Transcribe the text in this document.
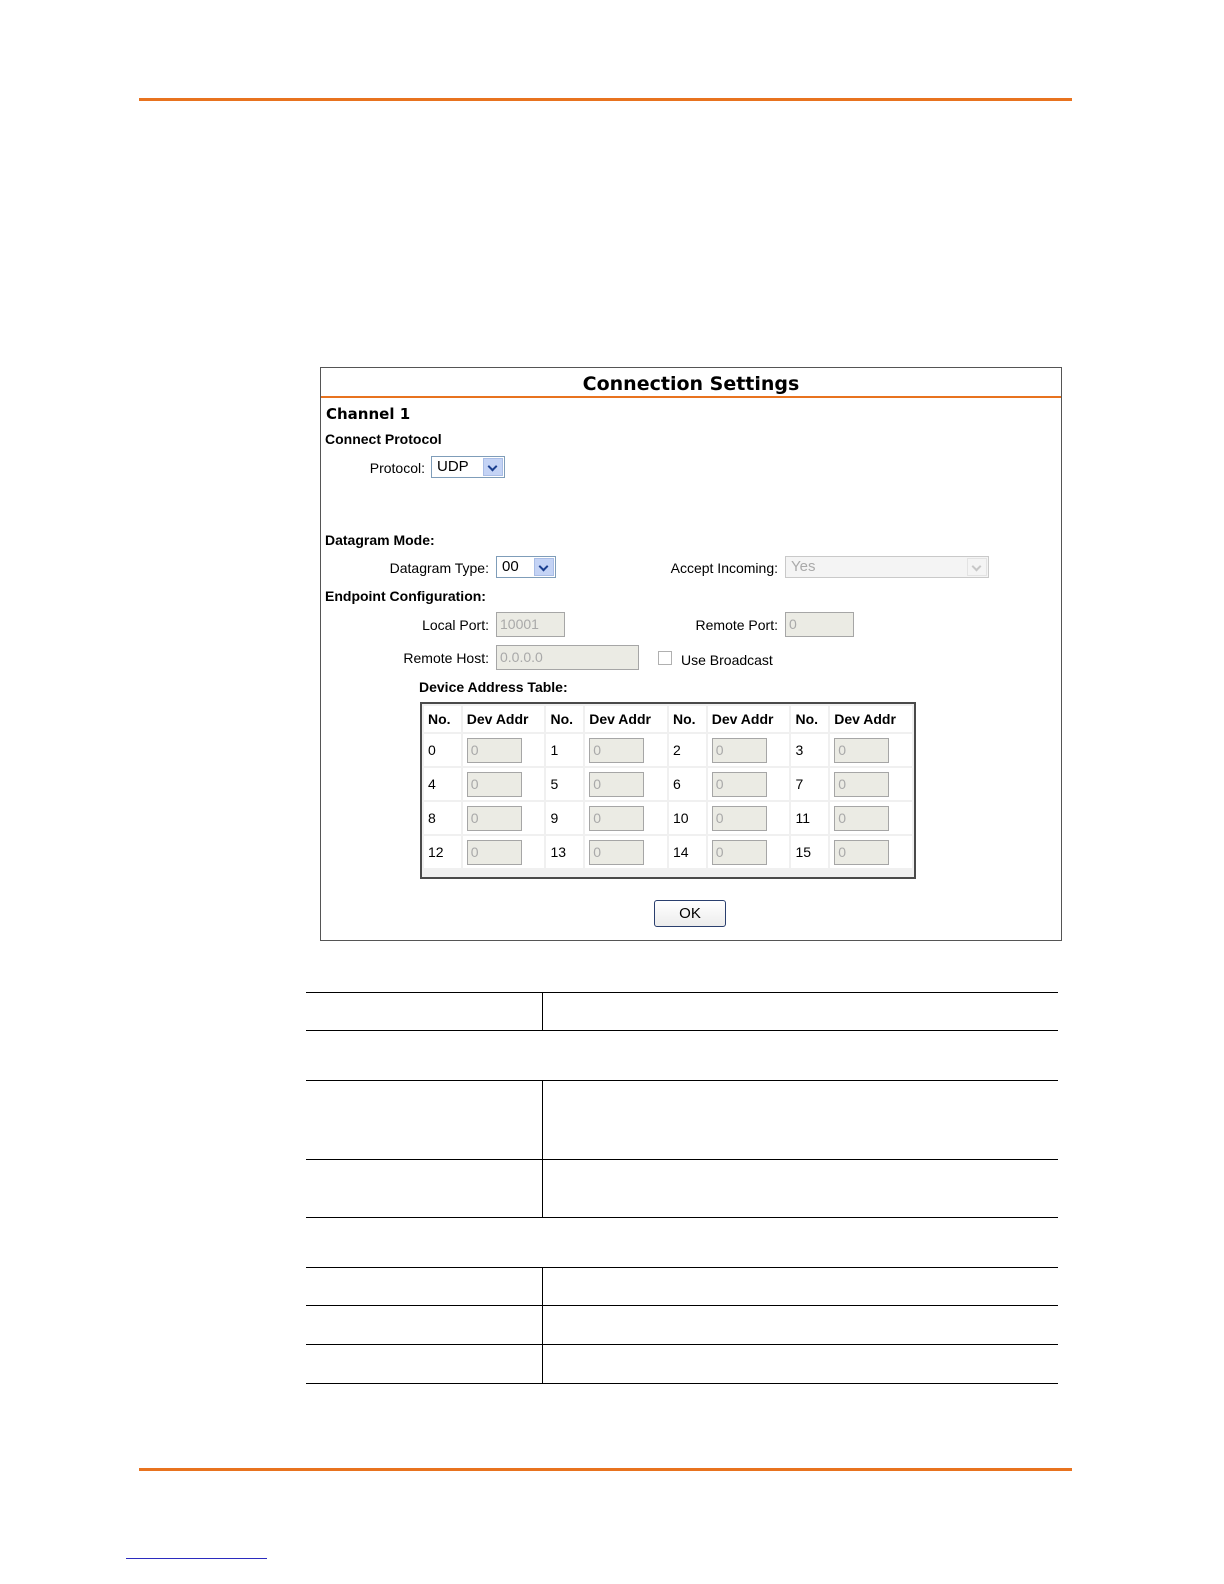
Connection Settings
Channel 1
Connect Protocol
Protocol: UDP
Datagram Mode:
Datagram Type: 00	Accept Incoming: Yes
Endpoint Configuration:
Local Port: 10001	Remote Port: 0
Remote Host: 0.0.0.0	Use Broadcast
Device Address Table:
No.	Dev Addr	No.	Dev Addr	No.	Dev Addr	No.	Dev Addr
0	0	1	0	2	0	3	0
4	0	5	0	6	0	7	0
8	0	9	0	10	0	11	0
12	0	13	0	14	0	15	0
OK
